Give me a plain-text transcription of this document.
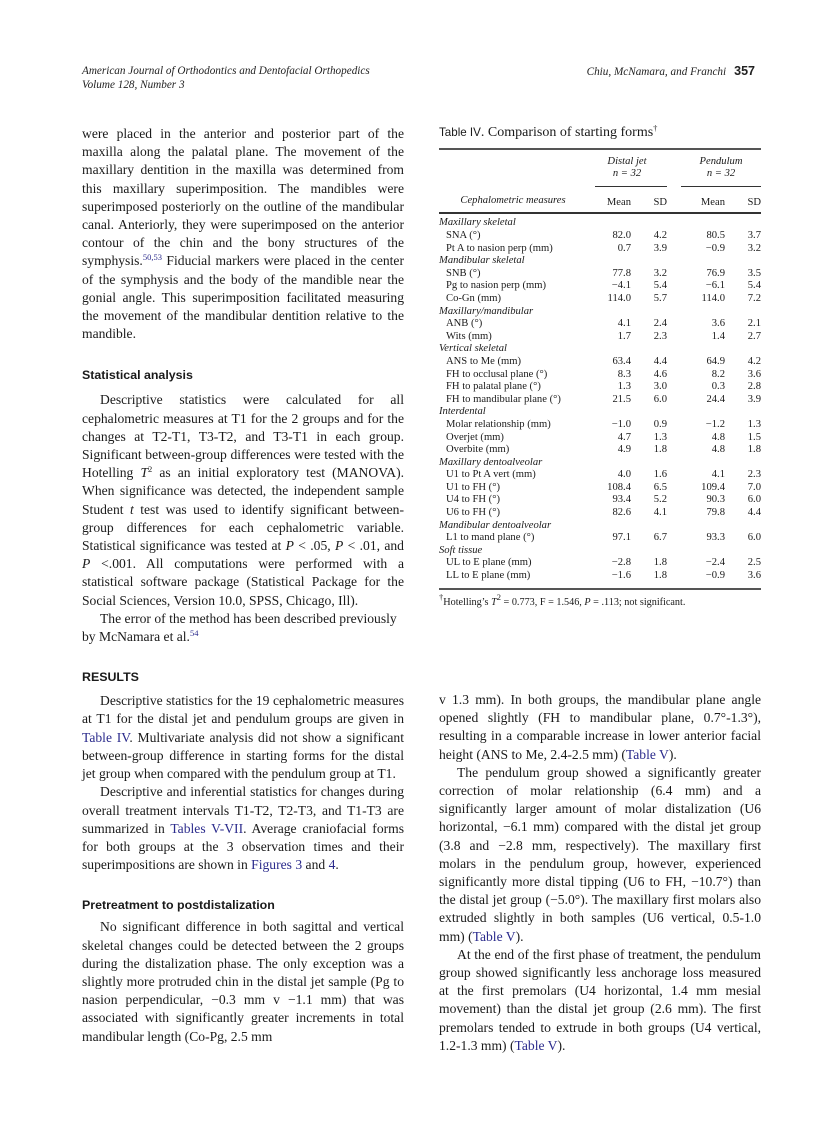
American Journal of Orthodontics and Dentofacial Orthopedics
Volume 128, Number 3
Chiu, McNamara, and Franchi 357

were placed in the anterior and posterior part of the maxilla along the palatal plane. The movement of the maxillary dentition in the maxilla was determined from this maxillary superimposition. The mandibles were superimposed posteriorly on the outline of the mandibular canal. Anteriorly, they were superimposed on the anterior contour of the chin and the bony structures of the symphysis.$^{50,53}$ Fiducial markers were placed in the center of the symphysis and the body of the mandible near the gonial angle. This superimposition facilitated measuring the movement of the mandibular dentition relative to the mandible.

Statistical analysis

Descriptive statistics were calculated for all cephalometric measures at T1 for the 2 groups and for the changes at T2-T1, T3-T2, and T3-T1 in each group. Significant between-group differences were tested with the Hotelling $T^2$ as an initial exploratory test (MANOVA). When significance was detected, the independent sample Student t test was used to identify significant between-group differences for each cephalometric variable. Statistical significance was tested at P < .05, P < .01, and P <.001. All computations were performed with a statistical software package (Statistical Package for the Social Sciences, Version 10.0, SPSS, Chicago, Ill).

The error of the method has been described previously by McNamara et al.$^{54}$

RESULTS

Descriptive statistics for the 19 cephalometric measures at T1 for the distal jet and pendulum groups are given in Table IV. Multivariate analysis did not show a significant between-group difference in starting forms for the distal jet group when compared with the pendulum group at T1.

Descriptive and inferential statistics for changes during overall treatment intervals T1-T2, T2-T3, and T1-T3 are summarized in Tables V-VII. Average craniofacial forms for both groups at the 3 observation times and their superimpositions are shown in Figures 3 and 4.

Pretreatment to postdistalization

No significant difference in both sagittal and vertical skeletal changes could be detected between the 2 groups during the distalization phase. The only exception was a slightly more protruded chin in the distal jet sample (Pg to nasion perpendicular, −0.3 mm v −1.1 mm) that was associated with significantly greater increments in total mandibular length (Co-Pg, 2.5 mm

Table IV. Comparison of starting forms†

Distal jet
n = 32

Pendulum
n = 32

Cephalometric measures	Mean	SD		Mean	SD

Maxillary skeletal					
SNA (°)	82.0	4.2		80.5	3.7
Pt A to nasion perp (mm)	0.7	3.9		−0.9	3.2
Mandibular skeletal					
SNB (°)	77.8	3.2		76.9	3.5
Pg to nasion perp (mm)	−4.1	5.4		−6.1	5.4
Co-Gn (mm)	114.0	5.7		114.0	7.2
Maxillary/mandibular					
ANB (°)	4.1	2.4		3.6	2.1
Wits (mm)	1.7	2.3		1.4	2.7
Vertical skeletal					
ANS to Me (mm)	63.4	4.4		64.9	4.2
FH to occlusal plane (°)	8.3	4.6		8.2	3.6
FH to palatal plane (°)	1.3	3.0		0.3	2.8
FH to mandibular plane (°)	21.5	6.0		24.4	3.9
Interdental					
Molar relationship (mm)	−1.0	0.9		−1.2	1.3
Overjet (mm)	4.7	1.3		4.8	1.5
Overbite (mm)	4.9	1.8		4.8	1.8
Maxillary dentoalveolar					
U1 to Pt A vert (mm)	4.0	1.6		4.1	2.3
U1 to FH (°)	108.4	6.5		109.4	7.0
U4 to FH (°)	93.4	5.2		90.3	6.0
U6 to FH (°)	82.6	4.1		79.8	4.4
Mandibular dentoalveolar					
L1 to mand plane (°)	97.1	6.7		93.3	6.0
Soft tissue					
UL to E plane (mm)	−2.8	1.8		−2.4	2.5
LL to E plane (mm)	−1.6	1.8		−0.9	3.6

†Hotelling’s $T^2 = 0.773$, F = 1.546, P = .113; not significant.

v 1.3 mm). In both groups, the mandibular plane angle opened slightly (FH to mandibular plane, 0.7°-1.3°), resulting in a comparable increase in lower anterior facial height (ANS to Me, 2.4-2.5 mm) (Table V).

The pendulum group showed a significantly greater correction of molar relationship (6.4 mm) and a significantly larger amount of molar distalization (U6 horizontal, −6.1 mm) compared with the distal jet group (3.8 and −2.8 mm, respectively). The maxillary first molars in the pendulum group, however, experienced significantly more distal tipping (U6 to FH, −10.7°) than the distal jet group (−5.0°). The maxillary first molars also extruded slightly in both samples (U6 vertical, 0.5-1.0 mm) (Table V).

At the end of the first phase of treatment, the pendulum group showed significantly less anchorage loss measured at the first premolars (U4 horizontal, 1.4 mm mesial movement) than the distal jet group (2.6 mm). The first premolars tended to extrude in both groups (U4 vertical, 1.2-1.3 mm) (Table V).
